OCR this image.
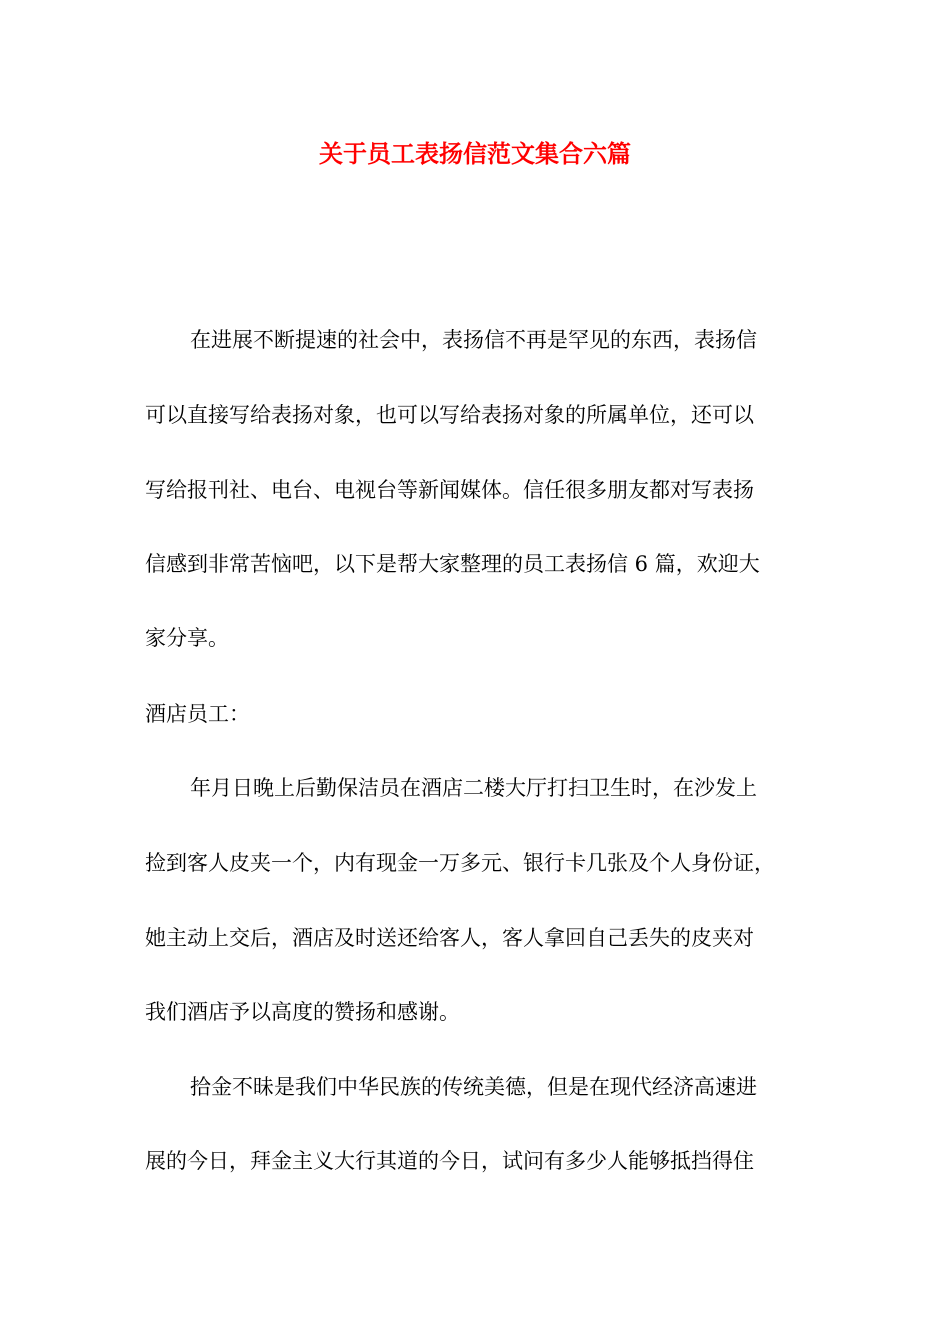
关于员工表扬信范文集合六篇
在进展不断提速的社会中，表扬信不再是罕见的东西，表扬信
可以直接写给表扬对象，也可以写给表扬对象的所属单位，还可以
写给报刊社、电台、电视台等新闻媒体。信任很多朋友都对写表扬
信感到非常苦恼吧，以下是帮大家整理的员工表扬信 6 篇，欢迎大
家分享。
酒店员工：
年月日晚上后勤保洁员在酒店二楼大厅打扫卫生时，在沙发上
捡到客人皮夹一个，内有现金一万多元、银行卡几张及个人身份证，
她主动上交后，酒店及时送还给客人，客人拿回自己丢失的皮夹对
我们酒店予以高度的赞扬和感谢。
拾金不昧是我们中华民族的传统美德，但是在现代经济高速进
展的今日，拜金主义大行其道的今日，试问有多少人能够抵挡得住
